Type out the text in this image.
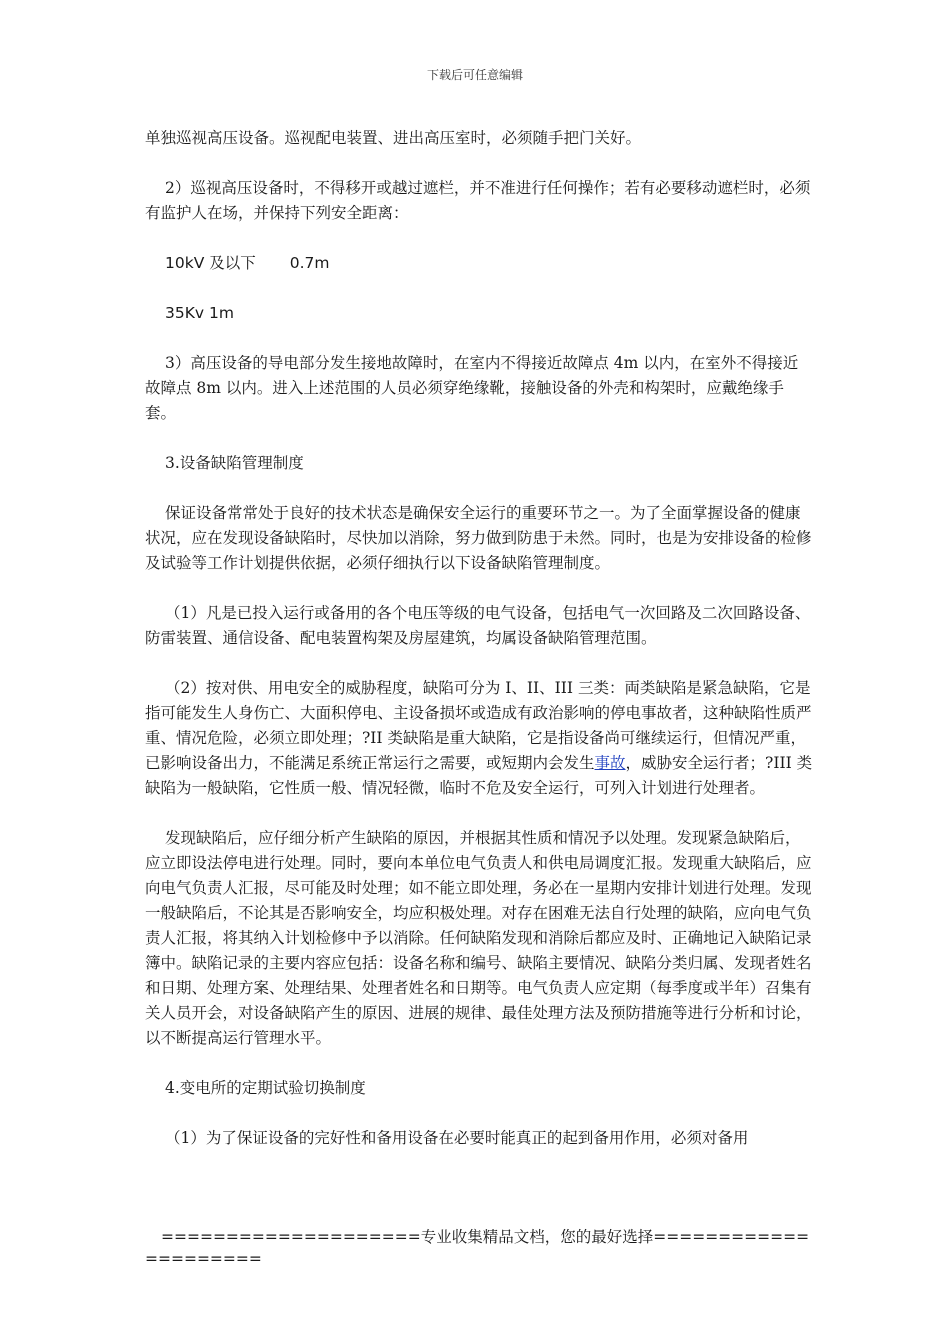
下载后可任意编辑

单独巡视高压设备。巡视配电装置、进出高压室时，必须随手把门关好。

2）巡视高压设备时，不得移开或越过遮栏，并不准进行任何操作；若有必要移动遮栏时，必须有监护人在场，并保持下列安全距离：

10kV 及以下 0.7m

35Kv 1m

3）高压设备的导电部分发生接地故障时，在室内不得接近故障点 4m 以内，在室外不得接近故障点 8m 以内。进入上述范围的人员必须穿绝缘靴，接触设备的外壳和构架时，应戴绝缘手套。

3.设备缺陷管理制度

保证设备常常处于良好的技术状态是确保安全运行的重要环节之一。为了全面掌握设备的健康状况，应在发现设备缺陷时，尽快加以消除，努力做到防患于未然。同时，也是为安排设备的检修及试验等工作计划提供依据，必须仔细执行以下设备缺陷管理制度。

（1）凡是已投入运行或备用的各个电压等级的电气设备，包括电气一次回路及二次回路设备、防雷装置、通信设备、配电装置构架及房屋建筑，均属设备缺陷管理范围。

（2）按对供、用电安全的威胁程度，缺陷可分为 I、II、III 三类：両类缺陷是紧急缺陷，它是指可能发生人身伤亡、大面积停电、主设备损坏或造成有政治影响的停电事故者，这种缺陷性质严重、情况危险，必须立即处理；?II 类缺陷是重大缺陷，它是指设备尚可继续运行，但情况严重，已影响设备出力，不能满足系统正常运行之需要，或短期内会发生事故，威胁安全运行者；?III 类缺陷为一般缺陷，它性质一般、情况轻微，临时不危及安全运行，可列入计划进行处理者。

发现缺陷后，应仔细分析产生缺陷的原因，并根据其性质和情况予以处理。发现紧急缺陷后，应立即设法停电进行处理。同时，要向本单位电气负责人和供电局调度汇报。发现重大缺陷后，应向电气负责人汇报，尽可能及时处理；如不能立即处理，务必在一星期内安排计划进行处理。发现一般缺陷后，不论其是否影响安全，均应积极处理。对存在困难无法自行处理的缺陷，应向电气负责人汇报，将其纳入计划检修中予以消除。任何缺陷发现和消除后都应及时、正确地记入缺陷记录簿中。缺陷记录的主要内容应包括：设备名称和编号、缺陷主要情况、缺陷分类归属、发现者姓名和日期、处理方案、处理结果、处理者姓名和日期等。电气负责人应定期（每季度或半年）召集有关人员开会，对设备缺陷产生的原因、进展的规律、最佳处理方法及预防措施等进行分析和讨论，以不断提高运行管理水平。

4.变电所的定期试验切换制度

（1）为了保证设备的完好性和备用设备在必要时能真正的起到备用作用，必须对备用

====================专业收集精品文档，您的最好选择=====================
